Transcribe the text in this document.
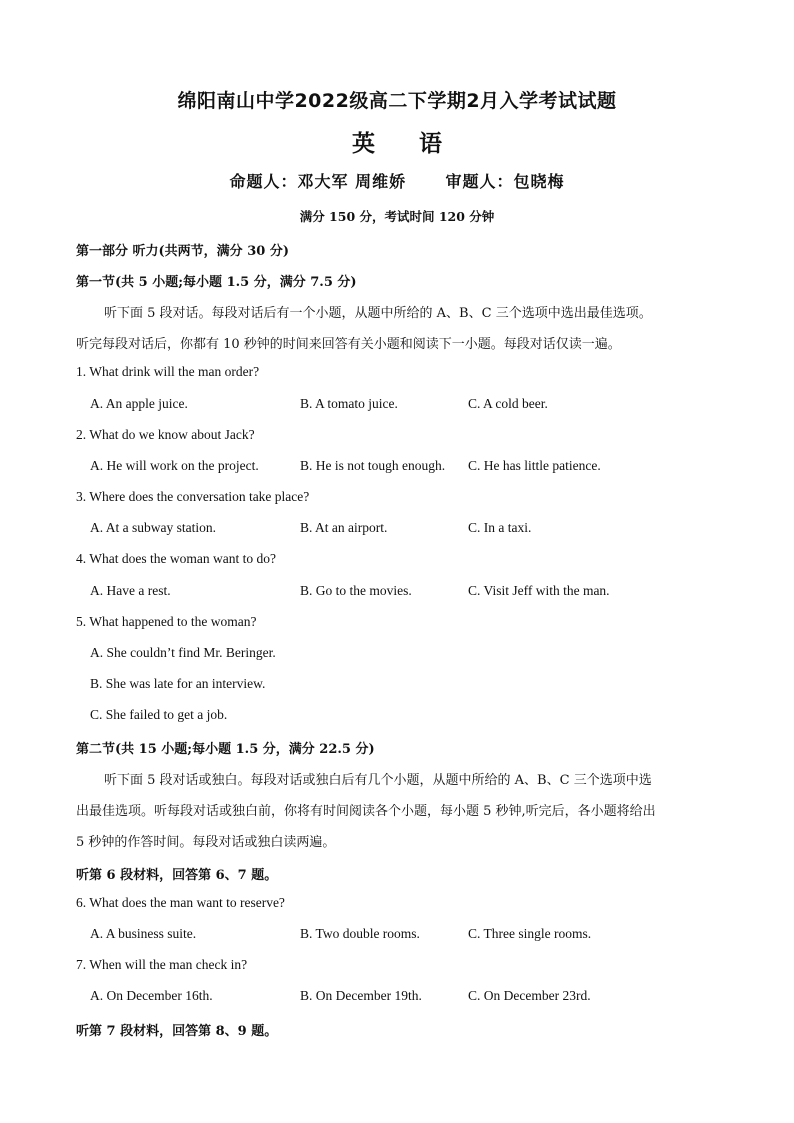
绵阳南山中学2022级高二下学期2月入学考试试题
英 语
命题人：邓大军 周维娇      审题人：包晓梅
满分 150 分，考试时间 120 分钟
第一部分 听力(共两节，满分 30 分)
第一节(共 5 小题;每小题 1.5 分，满分 7.5 分)
听下面 5 段对话。每段对话后有一个小题，从题中所给的 A、B、C 三个选项中选出最佳选项。
听完每段对话后，你都有 10 秒钟的时间来回答有关小题和阅读下一小题。每段对话仅读一遍。
1. What drink will the man order?
A. An apple juice.	B. A tomato juice.	C. A cold beer.
2. What do we know about Jack?
A. He will work on the project.	B. He is not tough enough. C. He has little patience.
3. Where does the conversation take place?
A. At a subway station.	B. At an airport.	C. In a taxi.
4. What does the woman want to do?
A. Have a rest.	B. Go to the movies.	C. Visit Jeff with the man.
5. What happened to the woman?
A. She couldn’t find Mr. Beringer.
B. She was late for an interview.
C. She failed to get a job.
第二节(共 15 小题;每小题 1.5 分，满分 22.5 分)
听下面 5 段对话或独白。每段对话或独白后有几个小题，从题中所给的 A、B、C 三个选项中选
出最佳选项。听每段对话或独白前，你将有时间阅读各个小题，每小题 5 秒钟,听完后，各小题将给出
5 秒钟的作答时间。每段对话或独白读两遍。
听第 6 段材料，回答第 6、7 题。
6. What does the man want to reserve?
A. A business suite.	B. Two double rooms.	C. Three single rooms.
7. When will the man check in?
A. On December 16th.	B. On December 19th.	C. On December 23rd.
听第 7 段材料，回答第 8、9 题。
